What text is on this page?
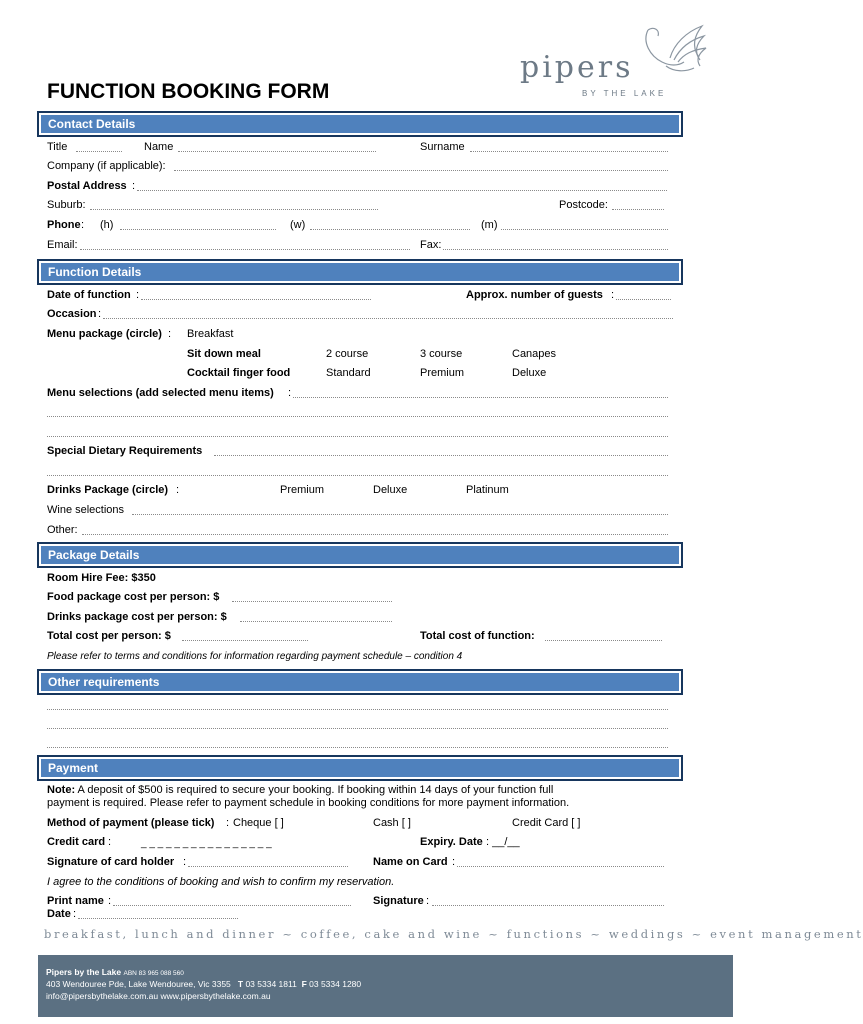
pipers
BY THE LAKE
FUNCTION BOOKING FORM
Contact Details
Title	Name	Surname
Company (if applicable):
Postal Address :
Suburb:	Postcode:
Phone : (h)	(w)	(m)
Email:	Fax:
Function Details
Date of function :	Approx. number of guests :
Occasion :
Menu package (circle) : Breakfast
Sit down meal	2 course	3 course	Canapes
Cocktail finger food	Standard	Premium	Deluxe
Menu selections (add selected menu items) :
Special Dietary Requirements
Drinks Package (circle) :	Premium	Deluxe	Platinum
Wine selections
Other:
Package Details
Room Hire Fee: $350
Food package cost per person: $
Drinks package cost per person: $
Total cost per person: $	Total cost of function:
Please refer to terms and conditions for information regarding payment schedule – condition 4
Other requirements
Payment
Note: A deposit of $500 is required to secure your booking. If booking within 14 days of your function full
payment is required. Please refer to payment schedule in booking conditions for more payment information.
Method of payment (please tick) : Cheque [ ]	Cash [ ]	Credit Card [ ]
Credit card :	_ _ _ _ _ _ _ _ _ _ _ _ _ _ _ _	Expiry. Date : __/__
Signature of card holder :	Name on Card :
I agree to the conditions of booking and wish to confirm my reservation.
Print name :	Signature :
Date :
breakfast, lunch and dinner ~ coffee, cake and wine ~ functions ~ weddings ~ event management
Pipers by the Lake ABN 83 965 088 560
403 Wendouree Pde, Lake Wendouree, Vic 3355 T 03 5334 1811 F 03 5334 1280
info@pipersbythelake.com.au www.pipersbythelake.com.au
